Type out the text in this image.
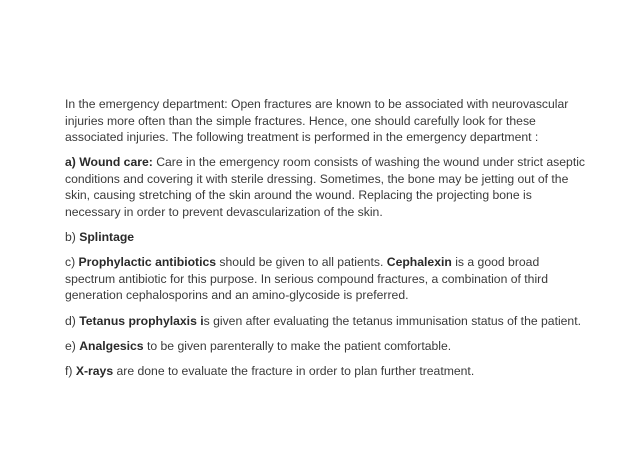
In the emergency department: Open fractures are known to be associated with neurovascular injuries more often than the simple fractures. Hence, one should carefully look for these associated injuries. The following treatment is performed in the emergency department :

a) Wound care: Care in the emergency room consists of washing the wound under strict aseptic conditions and covering it with sterile dressing. Sometimes, the bone may be jetting out of the skin, causing stretching of the skin around the wound. Replacing the projecting bone is necessary in order to prevent devascularization of the skin.

b) Splintage

c) Prophylactic antibiotics should be given to all patients. Cephalexin is a good broad spectrum antibiotic for this purpose. In serious compound fractures, a combination of third generation cephalosporins and an amino-glycoside is preferred.

d) Tetanus prophylaxis is given after evaluating the tetanus immunisation status of the patient.

e) Analgesics to be given parenterally to make the patient comfortable.

f) X-rays are done to evaluate the fracture in order to plan further treatment.
